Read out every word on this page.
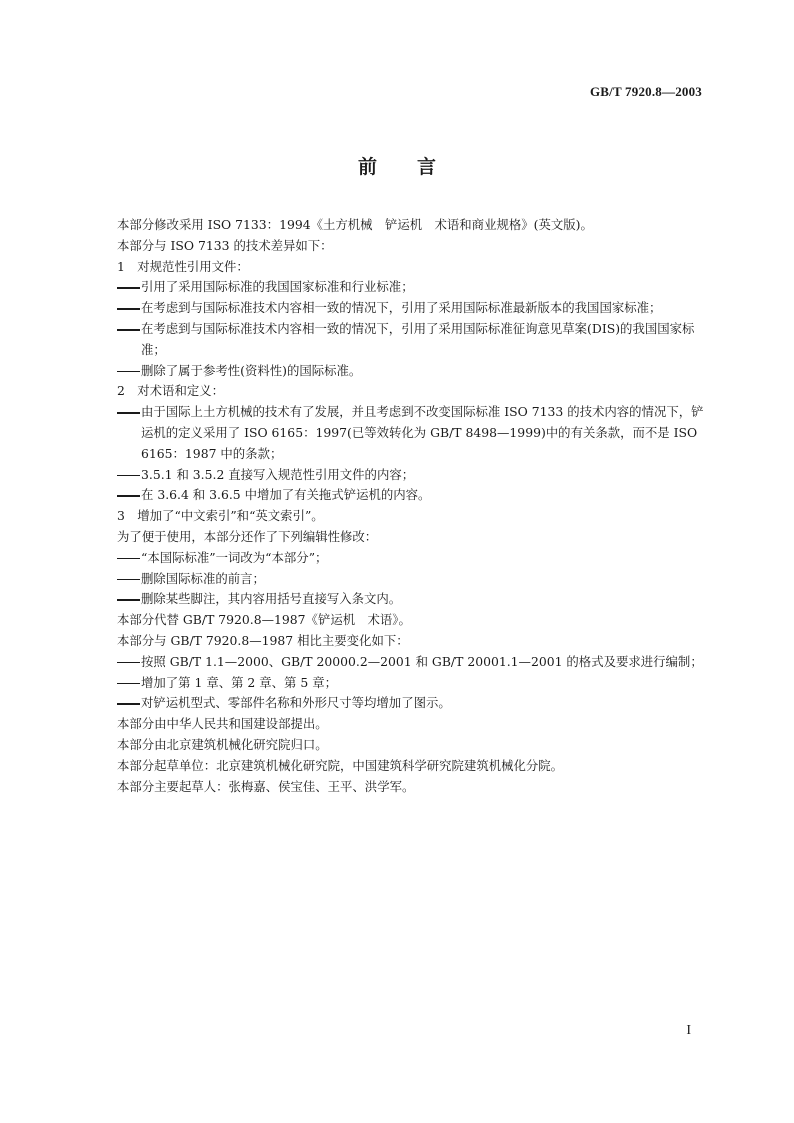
GB/T 7920.8—2003
前 言
本部分修改采用 ISO 7133：1994《土方机械　铲运机　术语和商业规格》(英文版)。
本部分与 ISO 7133 的技术差异如下：
1　对规范性引用文件：
引用了采用国际标准的我国国家标准和行业标准；
在考虑到与国际标准技术内容相一致的情况下，引用了采用国际标准最新版本的我国国家标准；
在考虑到与国际标准技术内容相一致的情况下，引用了采用国际标准征询意见草案(DIS)的我国国家标准；
删除了属于参考性(资料性)的国际标准。
2　对术语和定义：
由于国际上土方机械的技术有了发展，并且考虑到不改变国际标准 ISO 7133 的技术内容的情况下，铲运机的定义采用了 ISO 6165：1997(已等效转化为 GB/T 8498—1999)中的有关条款，而不是 ISO 6165：1987 中的条款；
3.5.1 和 3.5.2 直接写入规范性引用文件的内容；
在 3.6.4 和 3.6.5 中增加了有关拖式铲运机的内容。
3　增加了“中文索引”和“英文索引”。
为了便于使用，本部分还作了下列编辑性修改：
“本国际标准”一词改为“本部分”；
删除国际标准的前言；
删除某些脚注，其内容用括号直接写入条文内。
本部分代替 GB/T 7920.8—1987《铲运机　术语》。
本部分与 GB/T 7920.8—1987 相比主要变化如下：
按照 GB/T 1.1—2000、GB/T 20000.2—2001 和 GB/T 20001.1—2001 的格式及要求进行编制；
增加了第 1 章、第 2 章、第 5 章；
对铲运机型式、零部件名称和外形尺寸等均增加了图示。
本部分由中华人民共和国建设部提出。
本部分由北京建筑机械化研究院归口。
本部分起草单位：北京建筑机械化研究院，中国建筑科学研究院建筑机械化分院。
本部分主要起草人：张梅嘉、侯宝佳、王平、洪学军。
I
